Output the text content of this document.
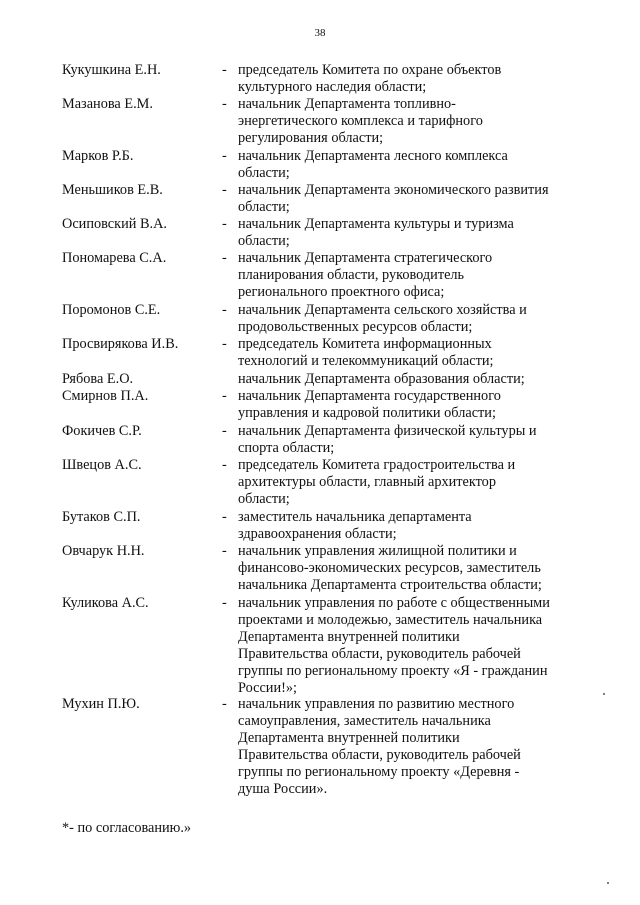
38
Кукушкина Е.Н.	- председатель Комитета по охране объектов
культурного наследия области;
Мазанова Е.М.	- начальник Департамента топливно-
энергетического комплекса и тарифного
регулирования области;
Марков Р.Б.	- начальник Департамента лесного комплекса
области;
Меньшиков Е.В.	- начальник Департамента экономического развития
области;
Осиповский В.А.	- начальник Департамента культуры и туризма
области;
Пономарева С.А.	- начальник Департамента стратегического
планирования области, руководитель
регионального проектного офиса;
Поромонов С.Е.	- начальник Департамента сельского хозяйства и
продовольственных ресурсов области;
Просвирякова И.В.	- председатель Комитета информационных
технологий и телекоммуникаций области;
Рябова Е.О.	начальник Департамента образования области;
Смирнов П.А.	- начальник Департамента государственного
управления и кадровой политики области;
Фокичев С.Р.	- начальник Департамента физической культуры и
спорта области;
Швецов А.С.	- председатель Комитета градостроительства и
архитектуры области, главный архитектор
области;
Бутаков С.П.	- заместитель начальника департамента
здравоохранения области;
Овчарук Н.Н.	- начальник управления жилищной политики и
финансово-экономических ресурсов, заместитель
начальника Департамента строительства области;
Куликова А.С.	- начальник управления по работе с общественными
проектами и молодежью, заместитель начальника
Департамента внутренней политики
Правительства области, руководитель рабочей
группы по региональному проекту «Я - гражданин
России!»;
Мухин П.Ю.	- начальник управления по развитию местного
самоуправления, заместитель начальника
Департамента внутренней политики
Правительства области, руководитель рабочей
группы по региональному проекту «Деревня -
душа России».
*- по согласованию.»
